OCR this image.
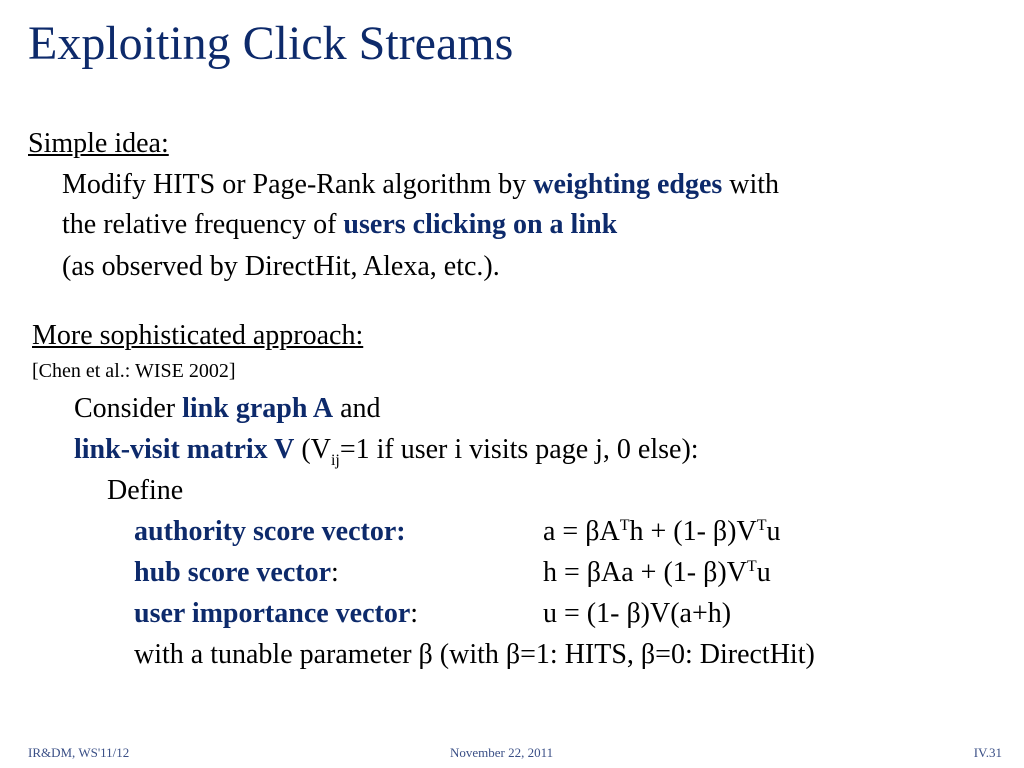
Exploiting Click Streams
Simple idea:
Modify HITS or Page-Rank algorithm by weighting edges with
the relative frequency of users clicking on a link
(as observed by DirectHit, Alexa, etc.).
More sophisticated approach:
[Chen et al.: WISE 2002]
Consider link graph A and
link-visit matrix V ($V_{ij}=1$ if user i visits page j, 0 else):
Define
authority score vector:	$a = \beta A^Th + (1-$ $\beta)V^Tu$
hub score vector:	h = βAa + (1- $\beta)V^Tu$
user importance vector:	u = (1- β)V(a+h)
with a tunable parameter β (with β=1: HITS, β=0: DirectHit)
IR&DM, WS'11/12	November 22, 2011	IV.31
